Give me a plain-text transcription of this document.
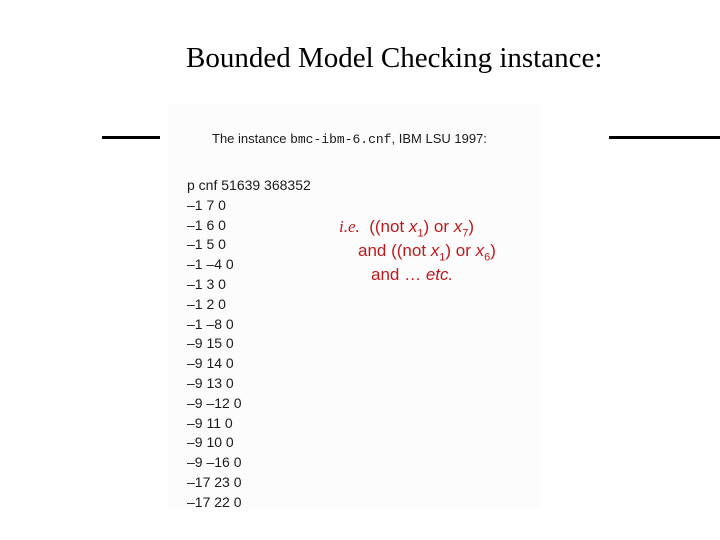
Bounded Model Checking instance:
The instance bmc-ibm-6.cnf, IBM LSU 1997:
p cnf 51639 368352
–1 7 0
–1 6 0
–1 5 0
–1 –4 0
–1 3 0
–1 2 0
–1 –8 0
–9 15 0
–9 14 0
–9 13 0
–9 –12 0
–9 11 0
–9 10 0
–9 –16 0
–17 23 0
–17 22 0
i.e. ((not $x_1$) or $x_7$)
and ((not $x_1$) or $x_6$)
and … etc.
